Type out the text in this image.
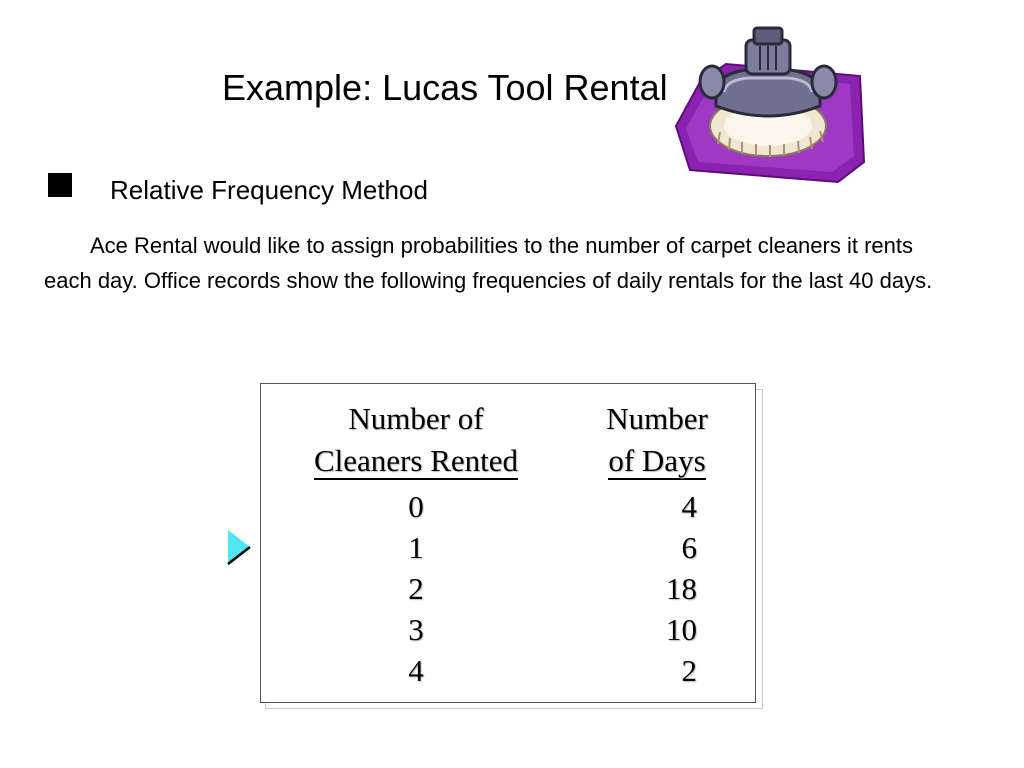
Example: Lucas Tool Rental
Relative Frequency Method
Ace Rental would like to assign probabilities to the number of carpet cleaners it rents each day. Office records show the following frequencies of daily rentals for the last 40 days.
Number of
Cleaners Rented
0
1
2
3
4
Number
of Days
4
6
18
10
2
